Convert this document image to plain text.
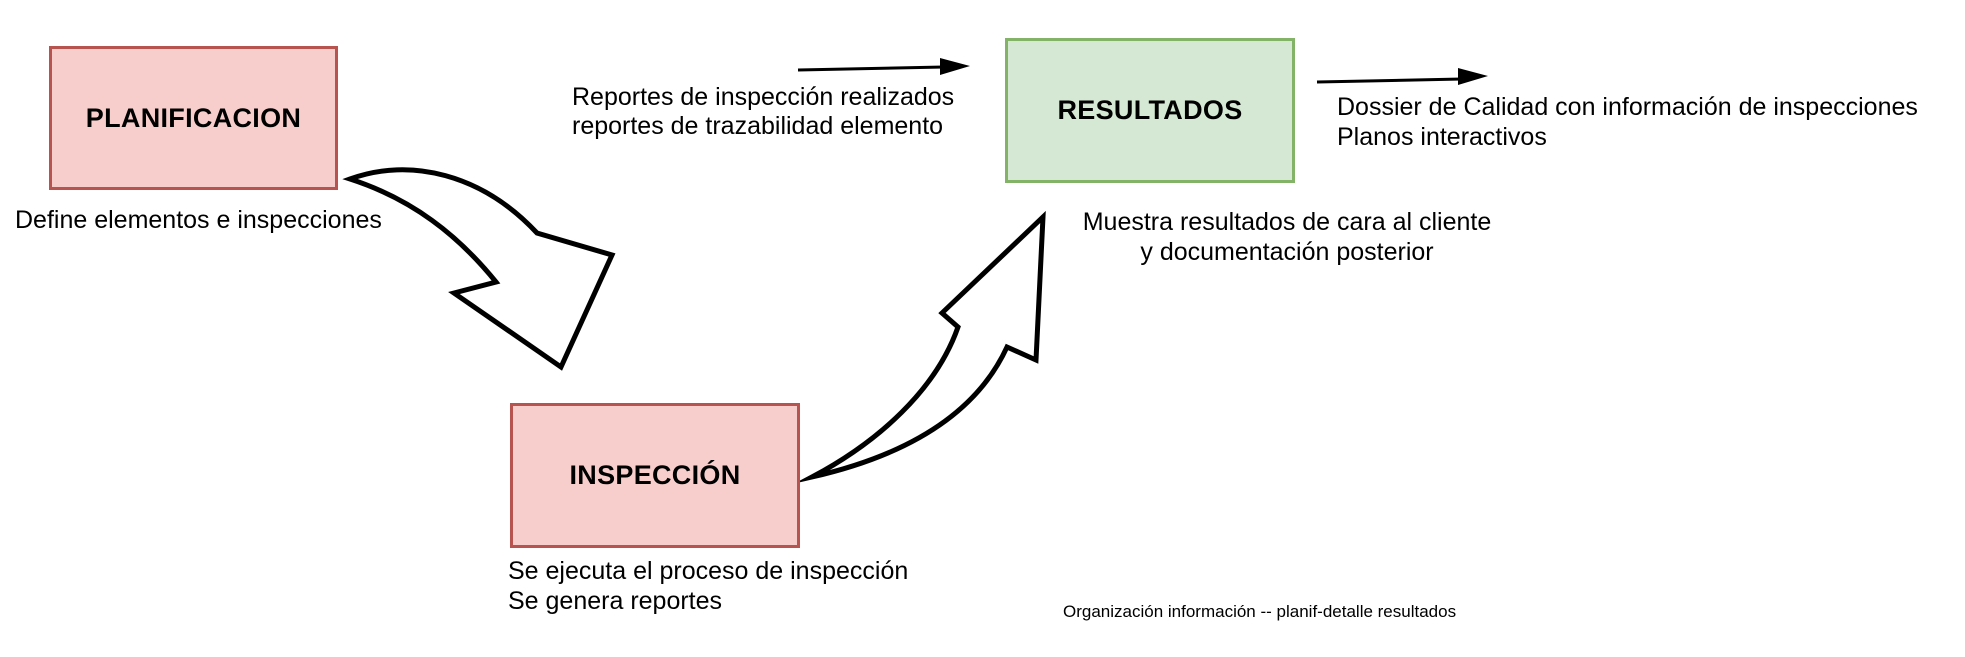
PLANIFICACION
Define elementos e inspecciones
INSPECCIÓN
Se ejecuta el proceso de inspección
Se genera reportes
RESULTADOS
Muestra resultados de cara al cliente
y documentación posterior
Reportes de inspección realizados
reportes de trazabilidad elemento
Dossier de Calidad con información de inspecciones
Planos interactivos
Organización información -- planif-detalle resultados
